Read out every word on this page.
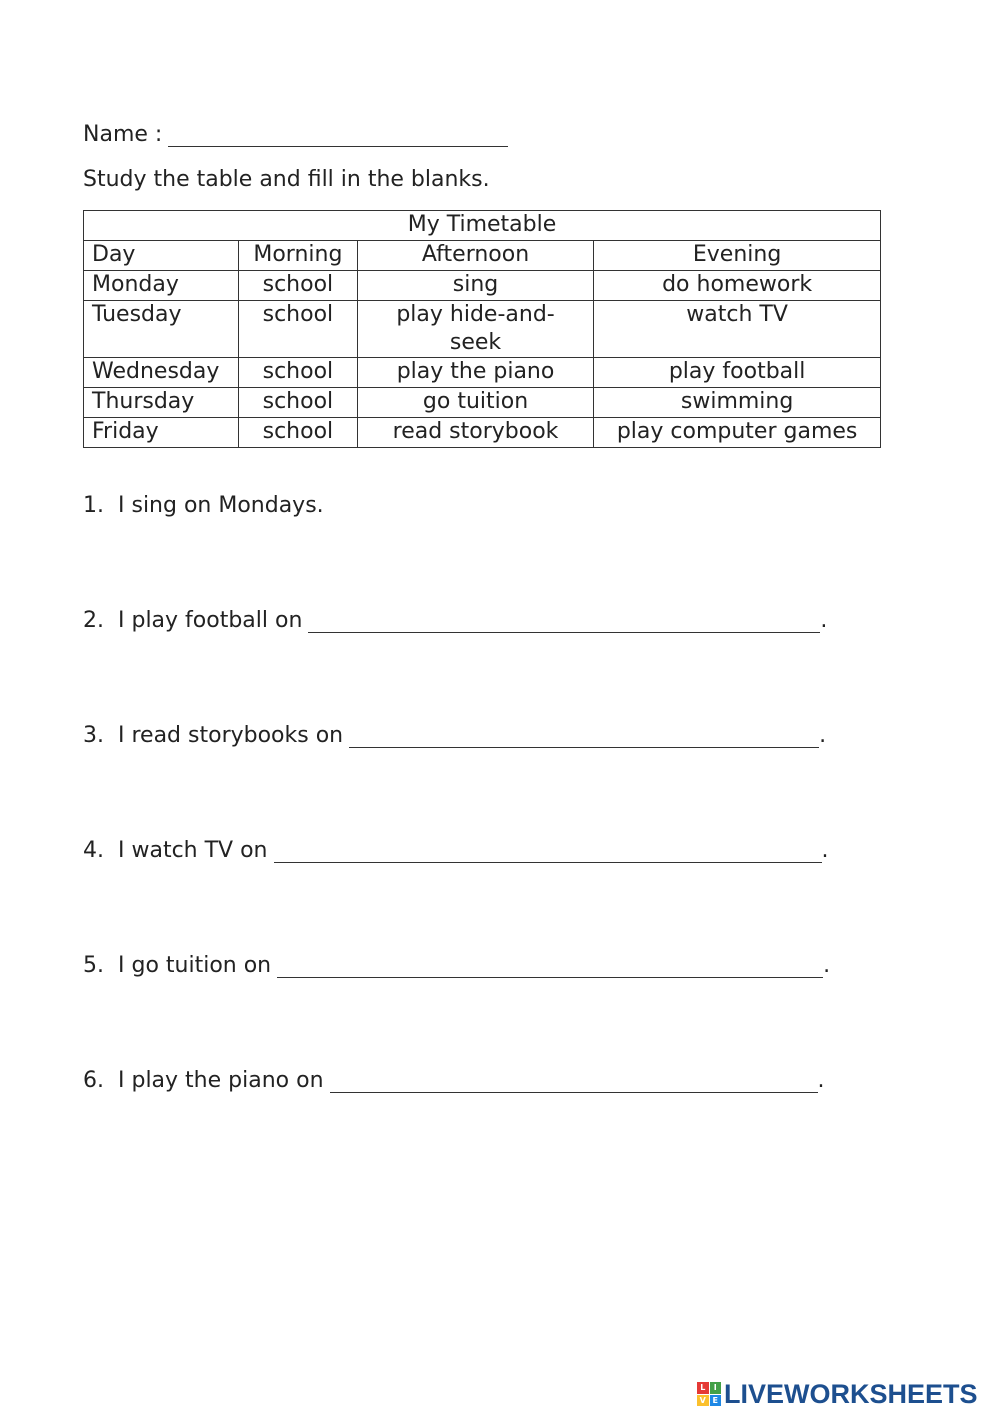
Name :
Study the table and fill in the blanks.
My Timetable			
Day	Morning	Afternoon	Evening
Monday	school	sing	do homework
Tuesday	school	play hide-and-seek	watch TV
Wednesday	school	play the piano	play football
Thursday	school	go tuition	swimming
Friday	school	read storybook	play computer games
1. I sing on Mondays.
2. I play football on	.
3. I read storybooks on	.
4. I watch TV on	.
5. I go tuition on	.
6. I play the piano on	.
L	I
V E LIVEWORKSHEETS
